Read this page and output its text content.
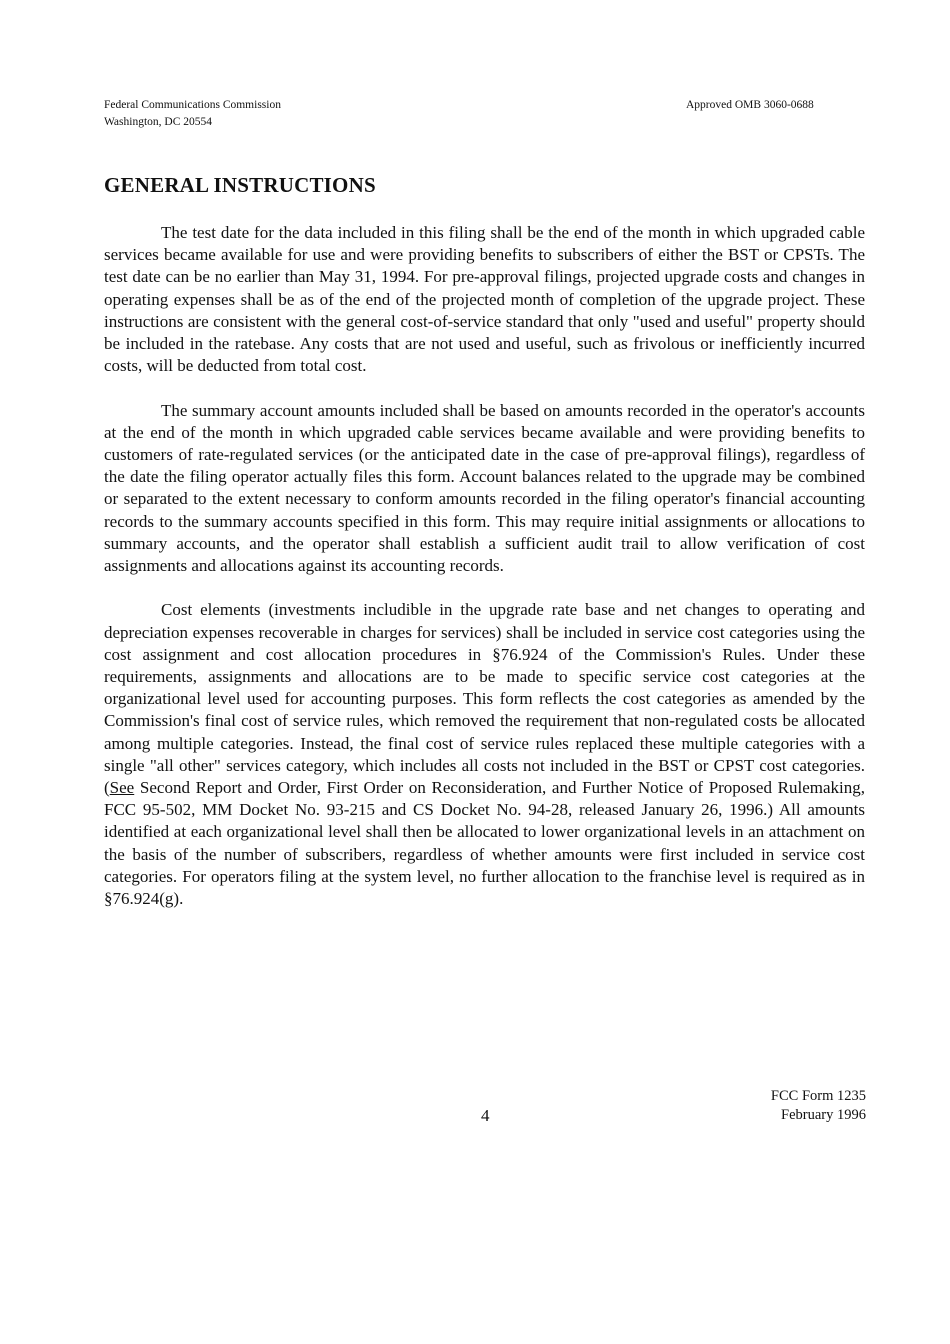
Federal Communications Commission
Washington, DC 20554
Approved OMB 3060-0688
GENERAL INSTRUCTIONS

The test date for the data included in this filing shall be the end of the month in which upgraded cable services became available for use and were providing benefits to subscribers of either the BST or CPSTs. The test date can be no earlier than May 31, 1994. For pre-approval filings, projected upgrade costs and changes in operating expenses shall be as of the end of the projected month of completion of the upgrade project. These instructions are consistent with the general cost-of-service standard that only "used and useful" property should be included in the ratebase. Any costs that are not used and useful, such as frivolous or inefficiently incurred costs, will be deducted from total cost.

The summary account amounts included shall be based on amounts recorded in the operator's accounts at the end of the month in which upgraded cable services became available and were providing benefits to customers of rate-regulated services (or the anticipated date in the case of pre-approval filings), regardless of the date the filing operator actually files this form. Account balances related to the upgrade may be combined or separated to the extent necessary to conform amounts recorded in the filing operator's financial accounting records to the summary accounts specified in this form. This may require initial assignments or allocations to summary accounts, and the operator shall establish a sufficient audit trail to allow verification of cost assignments and allocations against its accounting records.

Cost elements (investments includible in the upgrade rate base and net changes to operating and depreciation expenses recoverable in charges for services) shall be included in service cost categories using the cost assignment and cost allocation procedures in §76.924 of the Commission's Rules. Under these requirements, assignments and allocations are to be made to specific service cost categories at the organizational level used for accounting purposes. This form reflects the cost categories as amended by the Commission's final cost of service rules, which removed the requirement that non-regulated costs be allocated among multiple categories. Instead, the final cost of service rules replaced these multiple categories with a single "all other" services category, which includes all costs not included in the BST or CPST cost categories. (See Second Report and Order, First Order on Reconsideration, and Further Notice of Proposed Rulemaking, FCC 95-502, MM Docket No. 93-215 and CS Docket No. 94-28, released January 26, 1996.) All amounts identified at each organizational level shall then be allocated to lower organizational levels in an attachment on the basis of the number of subscribers, regardless of whether amounts were first included in service cost categories. For operators filing at the system level, no further allocation to the franchise level is required as in §76.924(g).

4
FCC Form 1235
February 1996
